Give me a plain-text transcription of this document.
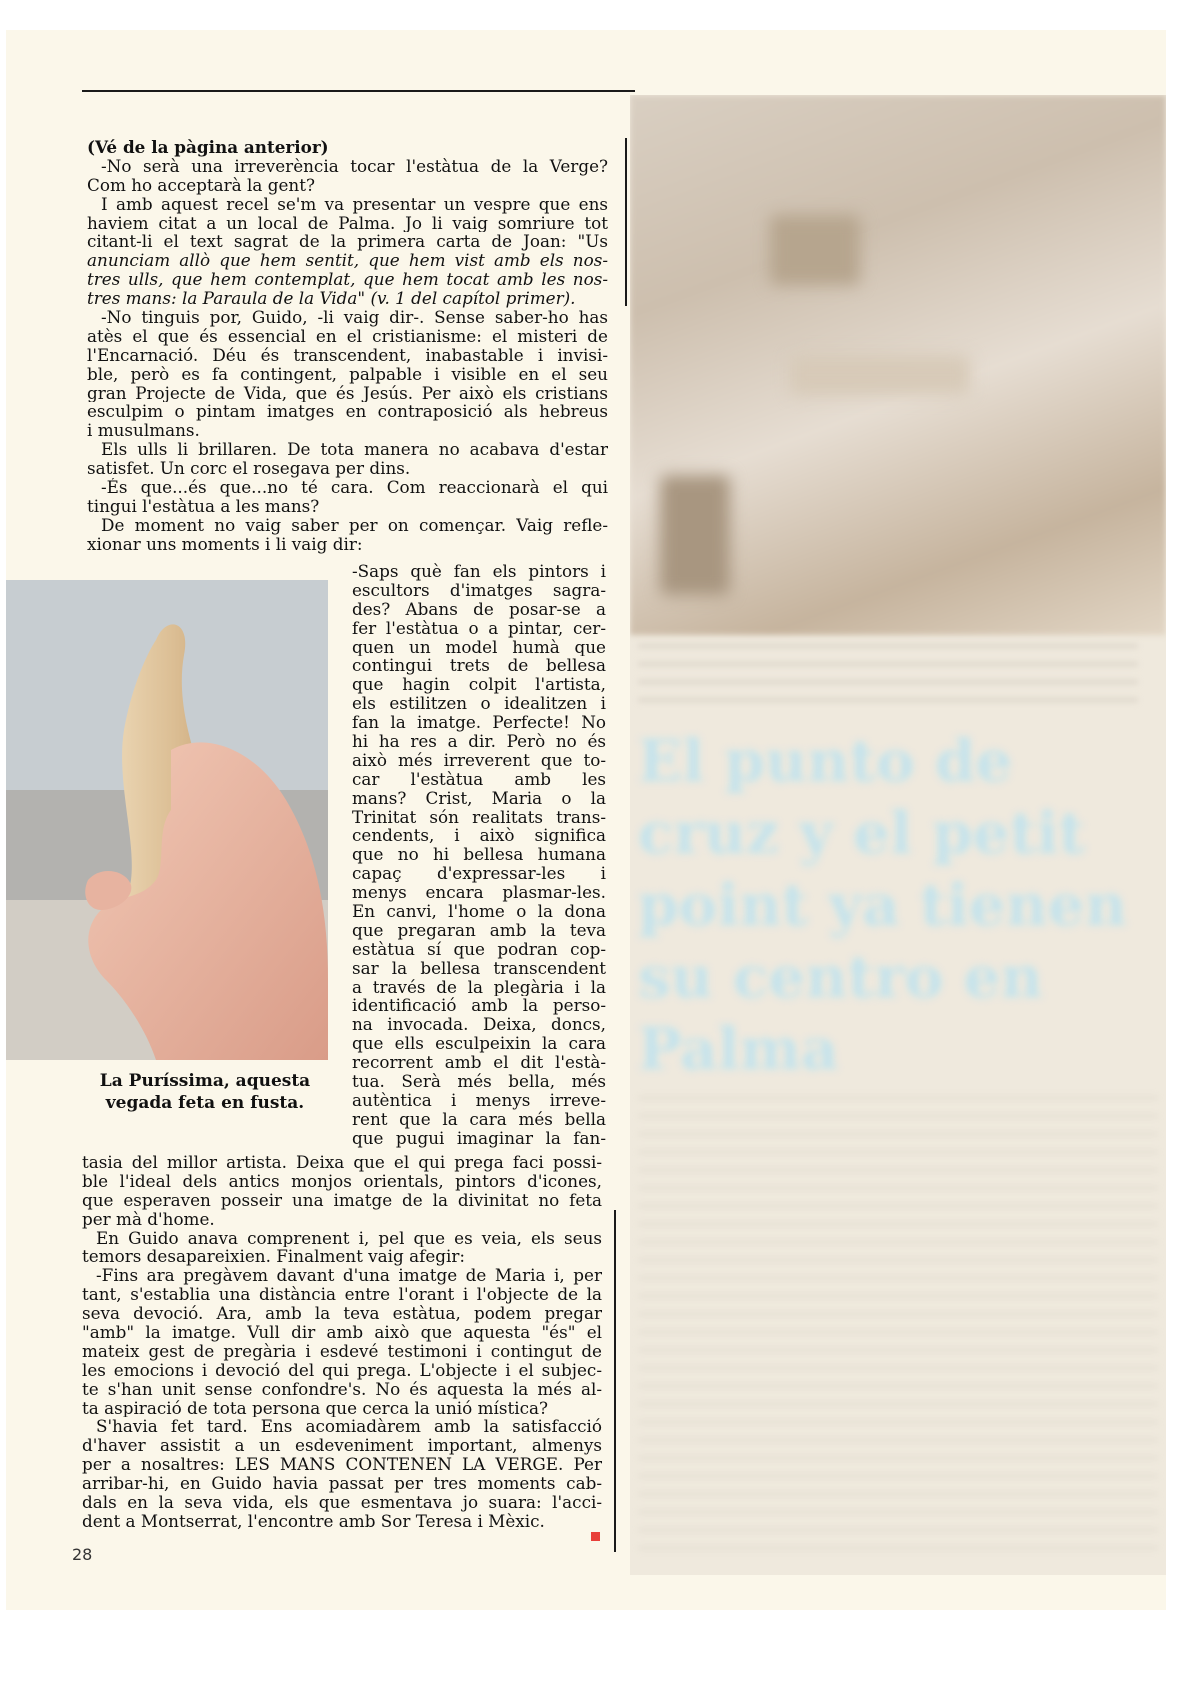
El punto de cruz y el petit point ya tienen su centro en Palma
La Puríssima, aquesta vegada feta en fusta.
(Vé de la pàgina anterior)
-No serà una irreverència tocar l'estàtua de la Verge?
Com ho acceptarà la gent?
I amb aquest recel se'm va presentar un vespre que ens
haviem citat a un local de Palma. Jo li vaig somriure tot
citant-li el text sagrat de la primera carta de Joan: "Us
anunciam allò que hem sentit, que hem vist amb els nos-
tres ulls, que hem contemplat, que hem tocat amb les nos-
tres mans: la Paraula de la Vida" (v. 1 del capítol primer).
-No tinguis por, Guido, -li vaig dir-. Sense saber-ho has
atès el que és essencial en el cristianisme: el misteri de
l'Encarnació. Déu és transcendent, inabastable i invisi-
ble, però es fa contingent, palpable i visible en el seu
gran Projecte de Vida, que és Jesús. Per això els cristians
esculpim o pintam imatges en contraposició als hebreus
i musulmans.
Els ulls li brillaren. De tota manera no acabava d'estar
satisfet. Un corc el rosegava per dins.
-És que...és que...no té cara. Com reaccionarà el qui
tingui l'estàtua a les mans?
De moment no vaig saber per on començar. Vaig refle-
xionar uns moments i li vaig dir:
-Saps què fan els pintors i
escultors d'imatges sagra-
des? Abans de posar-se a
fer l'estàtua o a pintar, cer-
quen un model humà que
contingui trets de bellesa
que hagin colpit l'artista,
els estilitzen o idealitzen i
fan la imatge. Perfecte! No
hi ha res a dir. Però no és
això més irreverent que to-
car l'estàtua amb les
mans? Crist, Maria o la
Trinitat són realitats trans-
cendents, i això significa
que no hi bellesa humana
capaç d'expressar-les i
menys encara plasmar-les.
En canvi, l'home o la dona
que pregaran amb la teva
estàtua sí que podran cop-
sar la bellesa transcendent
a través de la plegària i la
identificació amb la perso-
na invocada. Deixa, doncs,
que ells esculpeixin la cara
recorrent amb el dit l'està-
tua. Serà més bella, més
autèntica i menys irreve-
rent que la cara més bella
que pugui imaginar la fan-
tasia del millor artista. Deixa que el qui prega faci possi-
ble l'ideal dels antics monjos orientals, pintors d'icones,
que esperaven posseir una imatge de la divinitat no feta
per mà d'home.
En Guido anava comprenent i, pel que es veia, els seus
temors desapareixien. Finalment vaig afegir:
-Fins ara pregàvem davant d'una imatge de Maria i, per
tant, s'establia una distància entre l'orant i l'objecte de la
seva devoció. Ara, amb la teva estàtua, podem pregar
"amb" la imatge. Vull dir amb això que aquesta "és" el
mateix gest de pregària i esdevé testimoni i contingut de
les emocions i devoció del qui prega. L'objecte i el subjec-
te s'han unit sense confondre's. No és aquesta la més al-
ta aspiració de tota persona que cerca la unió mística?
S'havia fet tard. Ens acomiadàrem amb la satisfacció
d'haver assistit a un esdeveniment important, almenys
per a nosaltres: LES MANS CONTENEN LA VERGE. Per
arribar-hi, en Guido havia passat per tres moments cab-
dals en la seva vida, els que esmentava jo suara: l'acci-
dent a Montserrat, l'encontre amb Sor Teresa i Mèxic.
28
